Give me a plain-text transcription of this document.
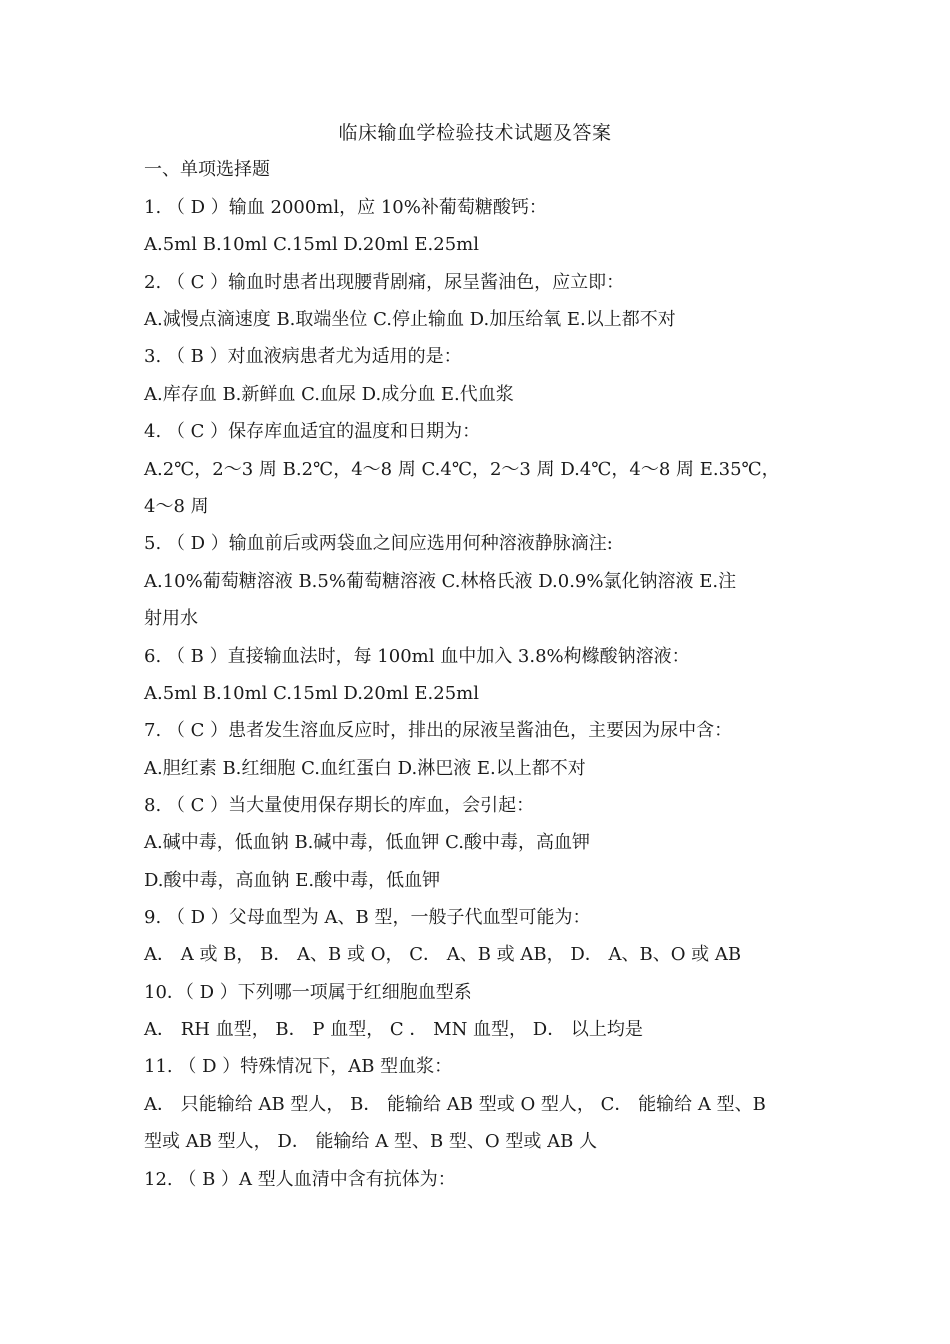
临床输血学检验技术试题及答案
一、单项选择题
1. （ D ）输血 2000ml，应 10%补葡萄糖酸钙：
A.5ml B.10ml C.15ml D.20ml E.25ml
2. （ C ）输血时患者出现腰背剧痛，尿呈酱油色，应立即：
A.减慢点滴速度 B.取端坐位 C.停止输血 D.加压给氧 E.以上都不对
3. （ B ）对血液病患者尤为适用的是：
A.库存血 B.新鲜血 C.血尿 D.成分血 E.代血浆
4. （ C ）保存库血适宜的温度和日期为：
A.2℃，2～3 周 B.2℃，4～8 周 C.4℃，2～3 周 D.4℃，4～8 周 E.35℃，
4～8 周
5. （ D ）输血前后或两袋血之间应选用何种溶液静脉滴注:
A.10%葡萄糖溶液 B.5%葡萄糖溶液 C.林格氏液 D.0.9%氯化钠溶液 E.注
射用水
6. （ B ）直接输血法时，每 100ml 血中加入 3.8%枸橼酸钠溶液：
A.5ml B.10ml C.15ml D.20ml E.25ml
7. （ C ）患者发生溶血反应时，排出的尿液呈酱油色，主要因为尿中含：
A.胆红素 B.红细胞 C.血红蛋白 D.淋巴液 E.以上都不对
8. （ C ）当大量使用保存期长的库血，会引起：
A.碱中毒，低血钠 B.碱中毒，低血钾 C.酸中毒，高血钾
D.酸中毒，高血钠 E.酸中毒，低血钾
9. （ D ）父母血型为 A、B 型，一般子代血型可能为：
A． A 或 B， B． A、B 或 O， C． A、B 或 AB， D． A、B、O 或 AB
10．（ D ）下列哪一项属于红细胞血型系
A． RH 血型， B． P 血型， C ． MN 血型， D． 以上均是
11. （ D ）特殊情况下，AB 型血浆：
A． 只能输给 AB 型人， B． 能输给 AB 型或 O 型人， C． 能输给 A 型、B
型或 AB 型人， D． 能输给 A 型、B 型、O 型或 AB 人
12. （ B ）A 型人血清中含有抗体为：
